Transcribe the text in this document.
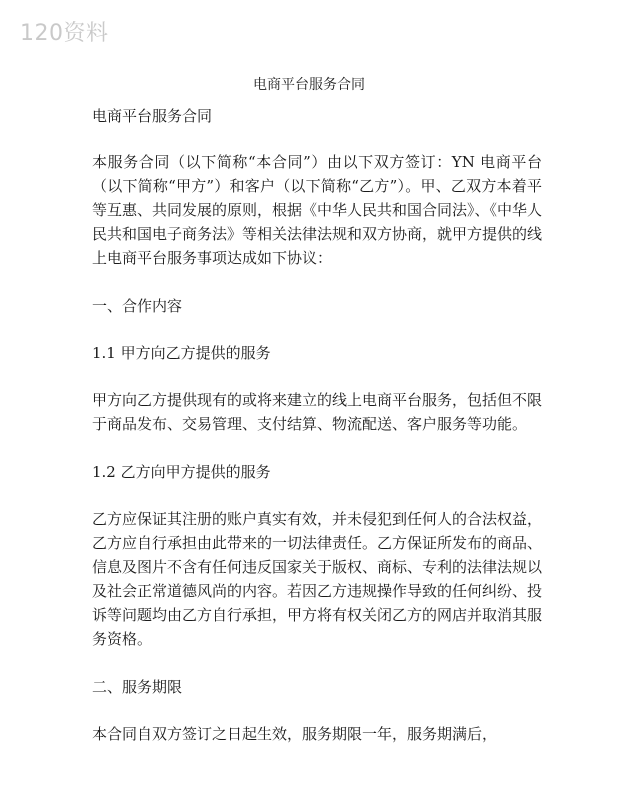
120资料
电商平台服务合同

电商平台服务合同

本服务合同（以下简称“本合同”）由以下双方签订：YN 电商平台（以下简称“甲方”）和客户（以下简称“乙方”）。甲、乙双方本着平等互惠、共同发展的原则，根据《中华人民共和国合同法》、《中华人民共和国电子商务法》等相关法律法规和双方协商，就甲方提供的线上电商平台服务事项达成如下协议：

一、合作内容

1.1 甲方向乙方提供的服务

甲方向乙方提供现有的或将来建立的线上电商平台服务，包括但不限于商品发布、交易管理、支付结算、物流配送、客户服务等功能。

1.2 乙方向甲方提供的服务

乙方应保证其注册的账户真实有效，并未侵犯到任何人的合法权益，乙方应自行承担由此带来的一切法律责任。乙方保证所发布的商品、信息及图片不含有任何违反国家关于版权、商标、专利的法律法规以及社会正常道德风尚的内容。若因乙方违规操作导致的任何纠纷、投诉等问题均由乙方自行承担，甲方将有权关闭乙方的网店并取消其服务资格。

二、服务期限

本合同自双方签订之日起生效，服务期限一年，服务期满后，
